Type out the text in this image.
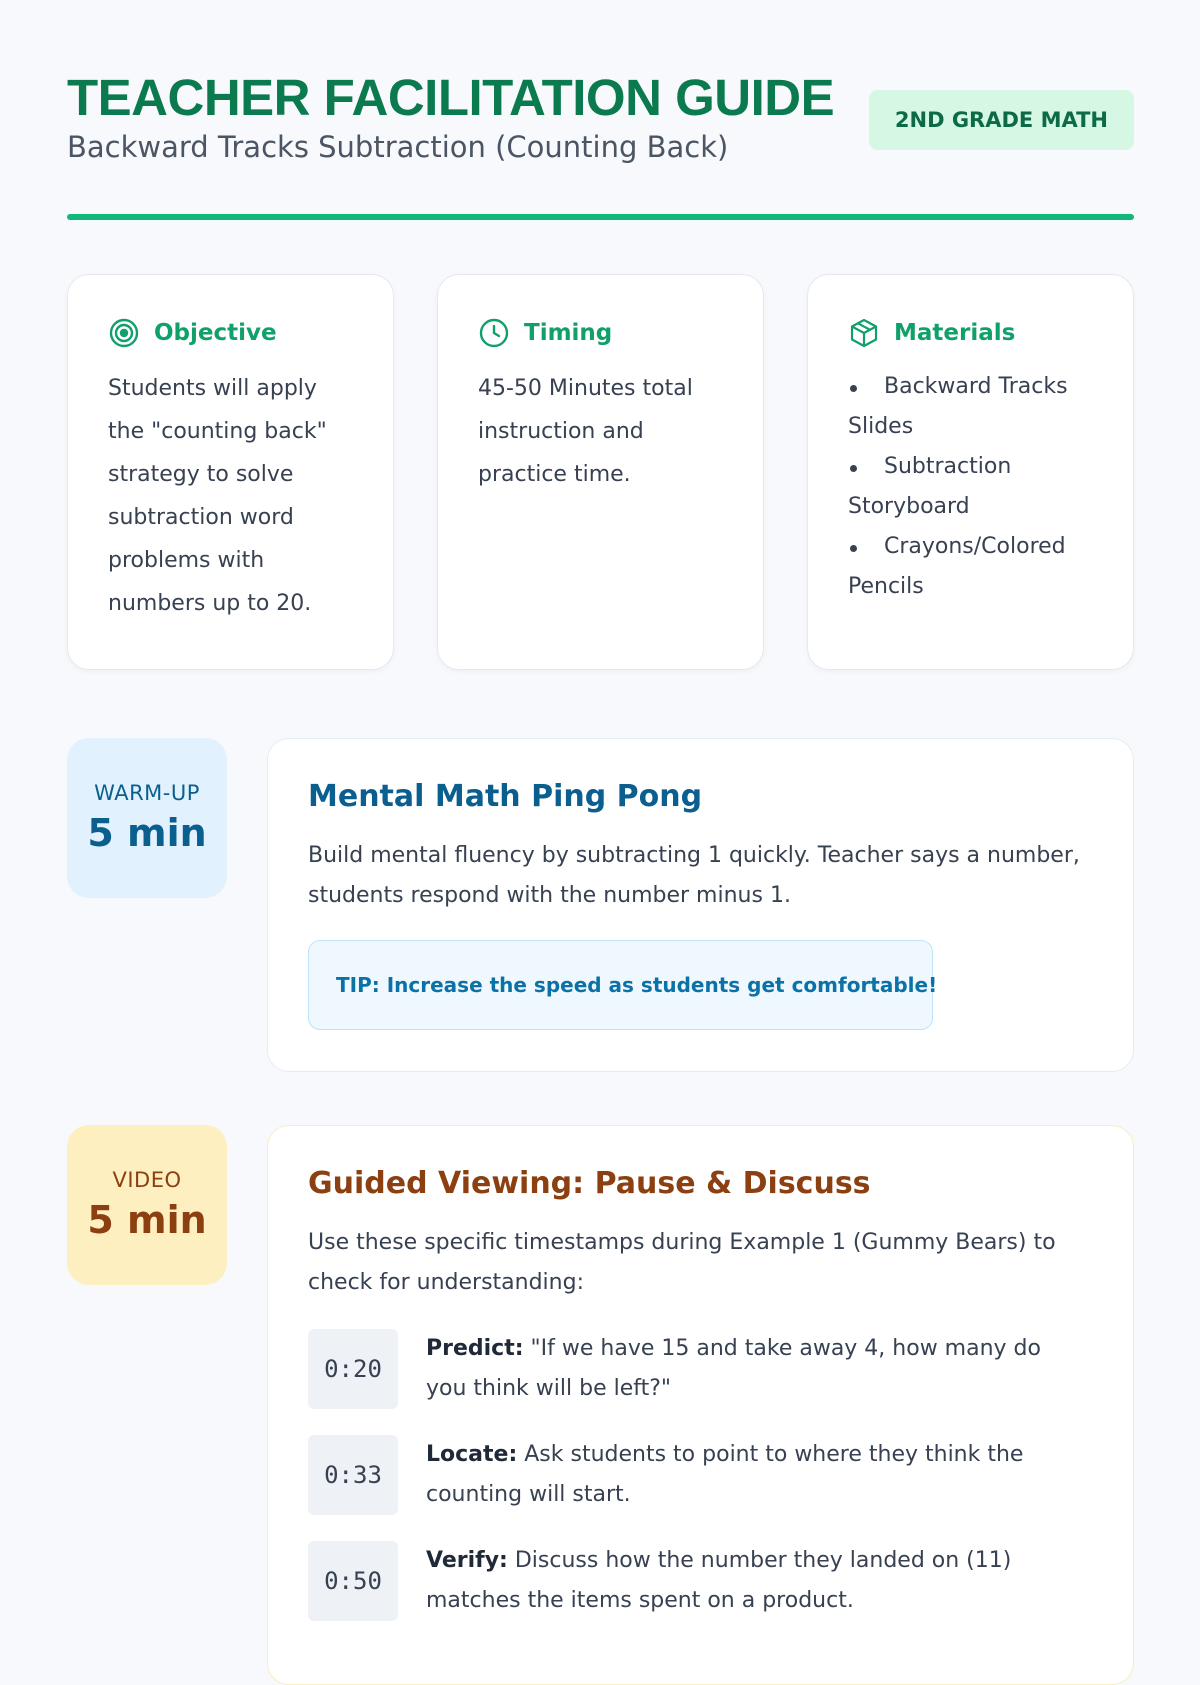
TEACHER FACILITATION GUIDE
Backward Tracks Subtraction (Counting Back)
2ND GRADE MATH
Objective
Students will apply the "counting back" strategy to solve subtraction word problems with numbers up to 20.
Timing
45-50 Minutes total instruction and practice time.
Materials
Backward Tracks Slides
Subtraction Storyboard
Crayons/Colored Pencils
WARM-UP
5 min
Mental Math Ping Pong
Build mental fluency by subtracting 1 quickly. Teacher says a number, students respond with the number minus 1.
TIP: Increase the speed as students get comfortable!
VIDEO
5 min
Guided Viewing: Pause & Discuss
Use these specific timestamps during Example 1 (Gummy Bears) to check for understanding:
0:20
Predict: "If we have 15 and take away 4, how many do you think will be left?"
0:33
Locate: Ask students to point to where they think the counting will start.
0:50
Verify: Discuss how the number they landed on (11) matches the items spent on a product.
